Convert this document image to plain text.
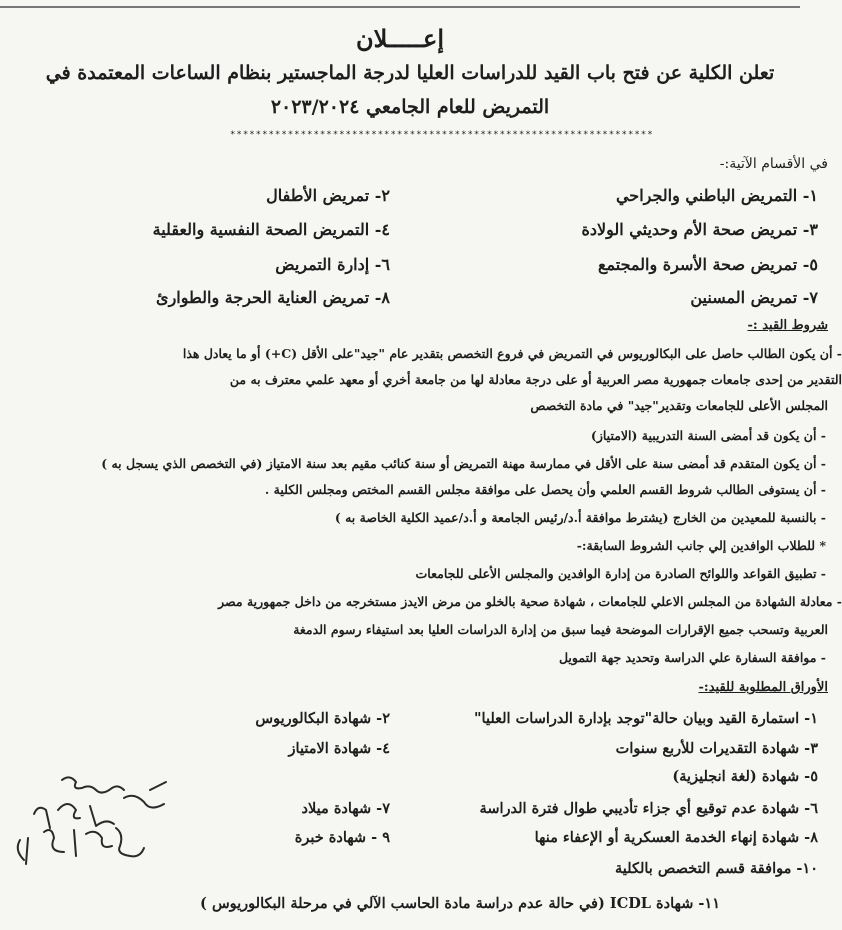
إعـــــلان
تعلن الكلية عن فتح باب القيد للدراسات العليا لدرجة الماجستير بنظام الساعات المعتمدة في
التمريض للعام الجامعي ٢٠٢٣/٢٠٢٤
******************************************************************
في الأقسام الآتية:-
١- التمريض الباطني والجراحي
٢- تمريض الأطفال
٣- تمريض صحة الأم وحديثي الولادة
٤- التمريض الصحة النفسية والعقلية
٥- تمريض صحة الأسرة والمجتمع
٦- إدارة التمريض
٧- تمريض المسنين
٨- تمريض العناية الحرجة والطوارئ
شروط القيد :-
- أن يكون الطالب حاصل على البكالوريوس في التمريض في فروع التخصص بتقدير عام "جيد"على الأقل (C+) أو ما يعادل هذا
التقدير من إحدى جامعات جمهورية مصر العربية أو على درجة معادلة لها من جامعة أخري أو معهد علمي معترف به من
المجلس الأعلى للجامعات وتقدير"جيد" في مادة التخصص
- أن يكون قد أمضى السنة التدريبية (الامتياز)
- أن يكون المتقدم قد أمضى سنة على الأقل في ممارسة مهنة التمريض أو سنة كنائب مقيم بعد سنة الامتياز (في التخصص الذي يسجل به )
- أن يستوفى الطالب شروط القسم العلمي وأن يحصل على موافقة مجلس القسم المختص ومجلس الكلية .
- بالنسبة للمعيدين من الخارج (يشترط موافقة أ.د/رئيس الجامعة و أ.د/عميد الكلية الخاصة به )
* للطلاب الوافدين إلي جانب الشروط السابقة:-
- تطبيق القواعد واللوائح الصادرة من إدارة الوافدين والمجلس الأعلى للجامعات
- معادلة الشهادة من المجلس الاعلي للجامعات ، شهادة صحية بالخلو من مرض الايدز مستخرجه من داخل جمهورية مصر
العربية وتسحب جميع الإقرارات الموضحة فيما سبق من إدارة الدراسات العليا بعد استيفاء رسوم الدمغة
- موافقة السفارة علي الدراسة وتحديد جهة التمويل
الأوراق المطلوبة للقيد:-
١- استمارة القيد وبيان حالة"توجد بإدارة الدراسات العليا"
٢- شهادة البكالوريوس
٣- شهادة التقديرات للأربع سنوات
٤- شهادة الامتياز
٥- شهادة (لغة انجليزية)
٦- شهادة عدم توقيع أي جزاء تأديبي طوال فترة الدراسة
٧- شهادة ميلاد
٨- شهادة إنهاء الخدمة العسكرية أو الإعفاء منها
٩ - شهادة خبرة
١٠- موافقة قسم التخصص بالكلية
١١- شهادة ICDL (في حالة عدم دراسة مادة الحاسب الآلي في مرحلة البكالوريوس )
